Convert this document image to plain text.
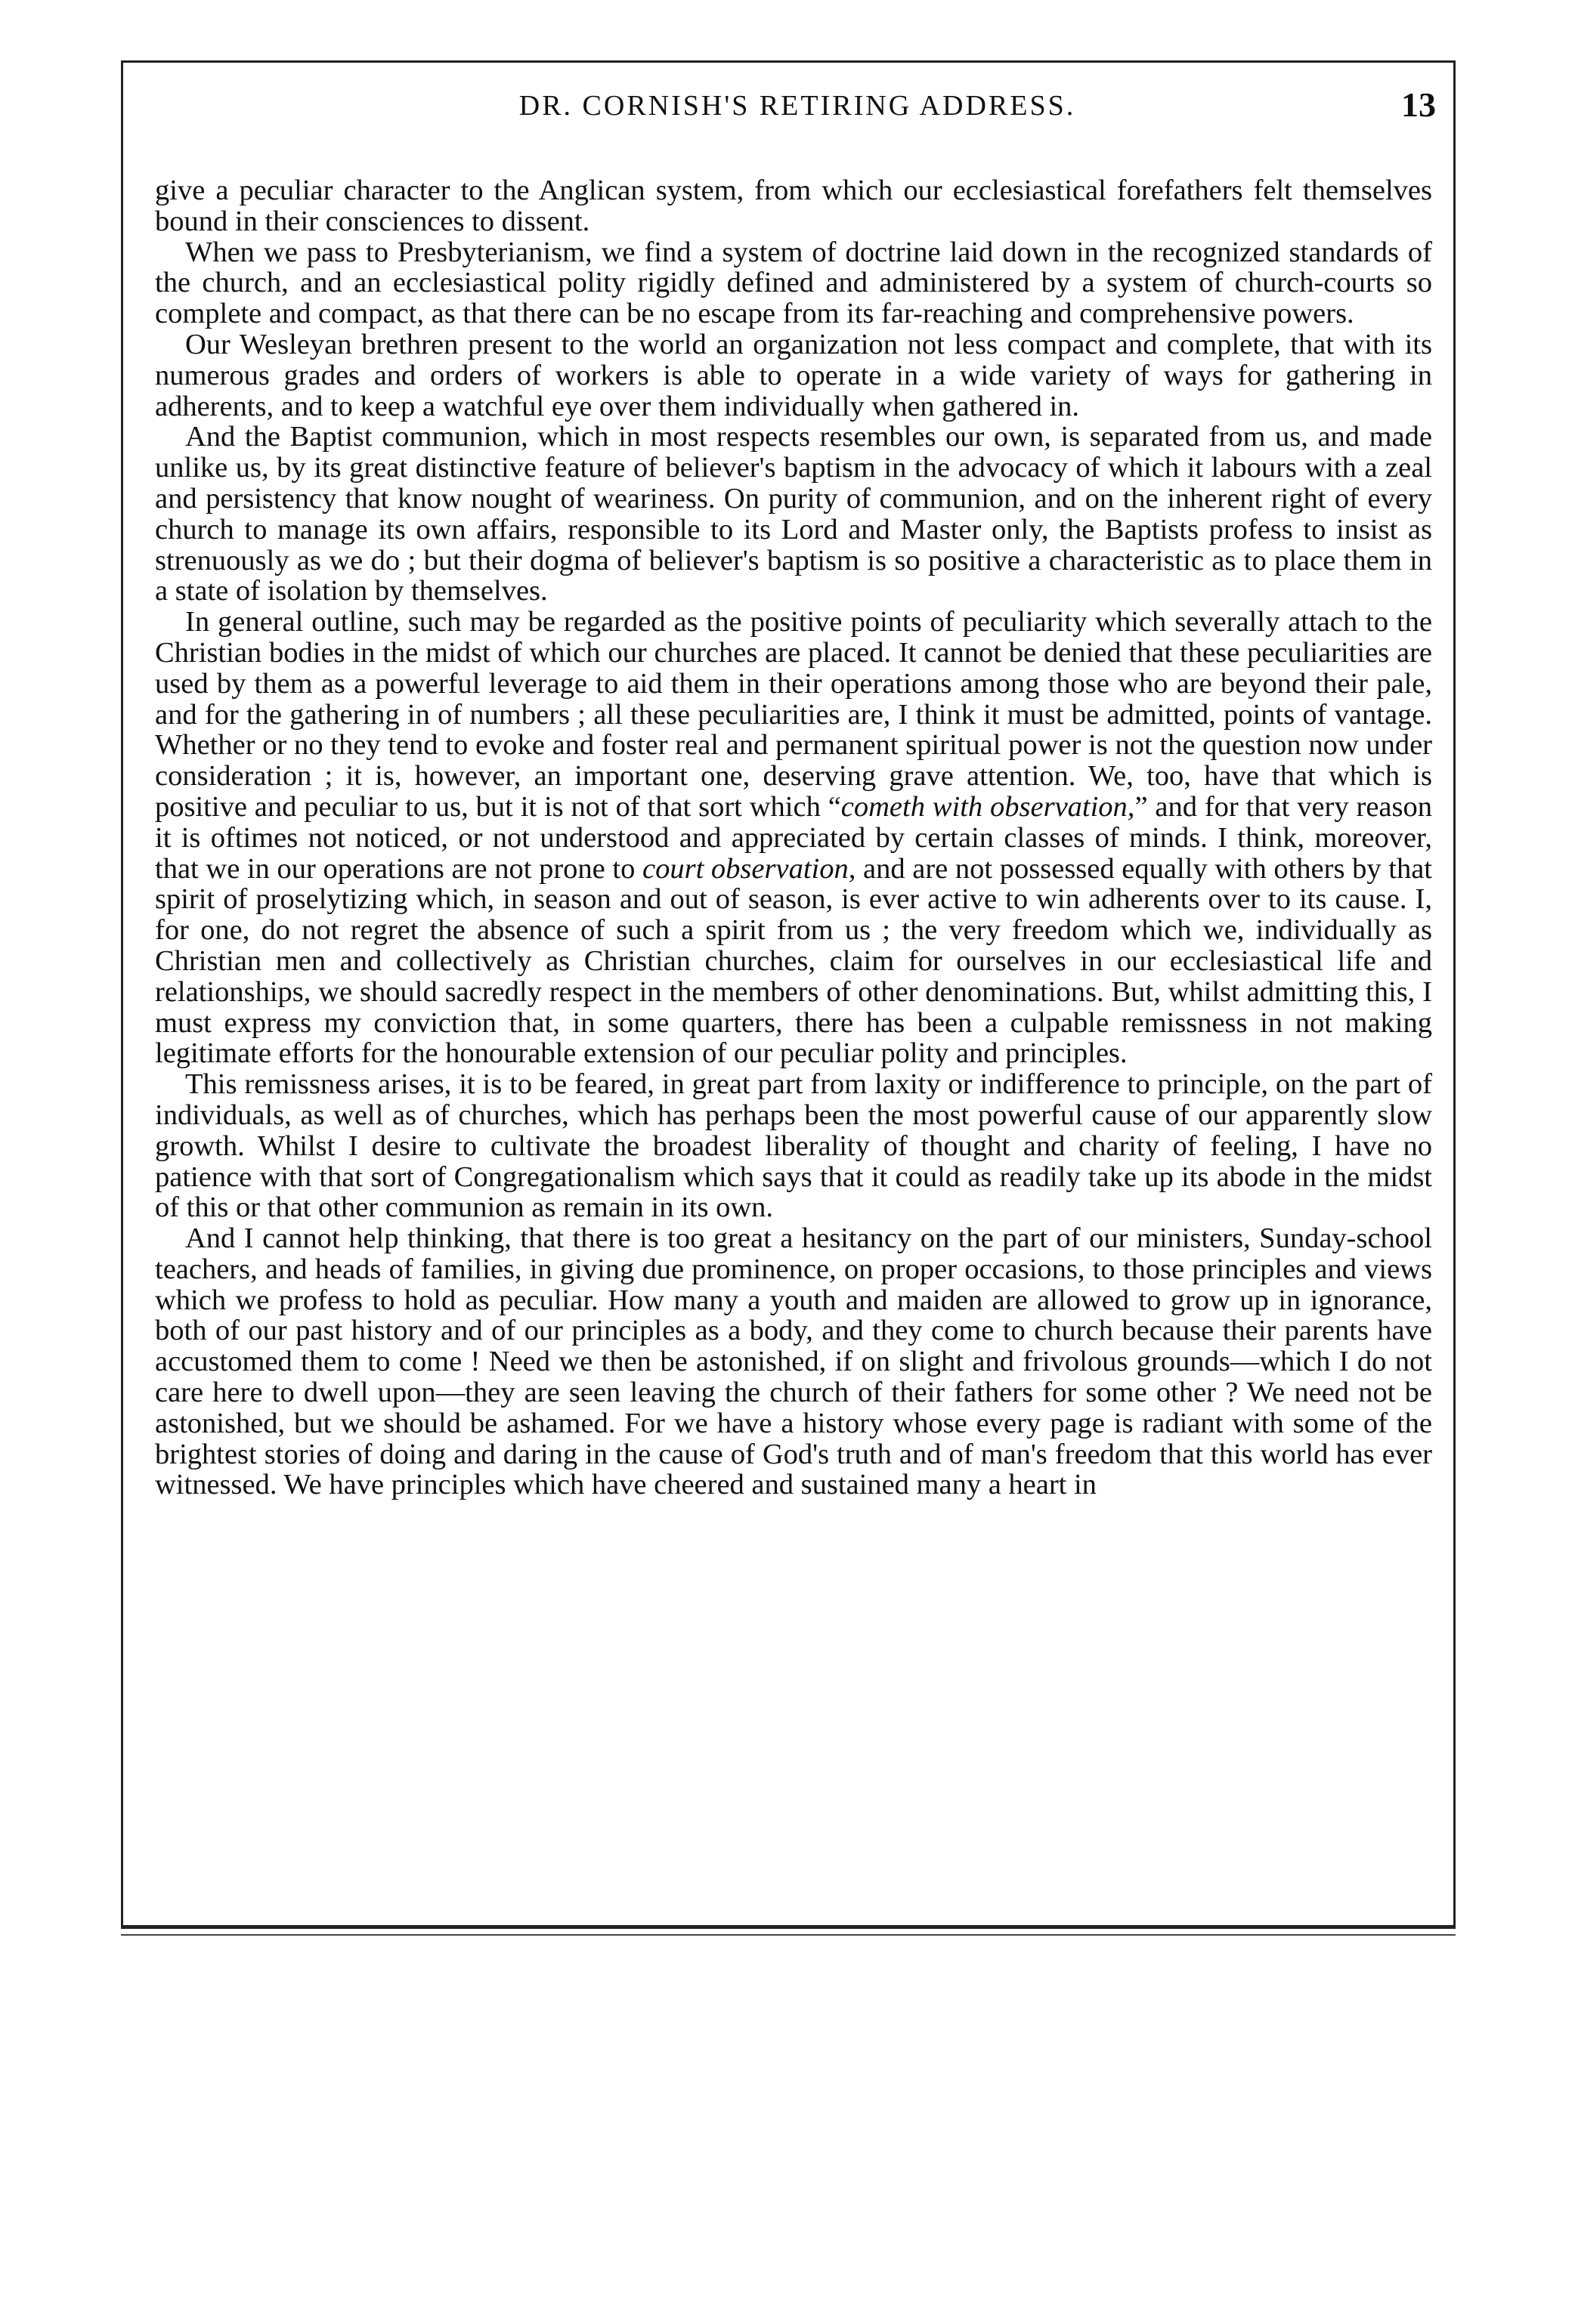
DR. CORNISH'S RETIRING ADDRESS.	13

give a peculiar character to the Anglican system, from which our ecclesiastical forefathers felt themselves bound in their consciences to dissent.

When we pass to Presbyterianism, we find a system of doctrine laid down in the recognized standards of the church, and an ecclesiastical polity rigidly defined and administered by a system of church-courts so complete and compact, as that there can be no escape from its far-reaching and comprehensive powers.

Our Wesleyan brethren present to the world an organization not less compact and complete, that with its numerous grades and orders of workers is able to operate in a wide variety of ways for gathering in adherents, and to keep a watchful eye over them individually when gathered in.

And the Baptist communion, which in most respects resembles our own, is separated from us, and made unlike us, by its great distinctive feature of believer's baptism in the advocacy of which it labours with a zeal and persistency that know nought of weariness. On purity of communion, and on the inherent right of every church to manage its own affairs, responsible to its Lord and Master only, the Baptists profess to insist as strenuously as we do ; but their dogma of believer's baptism is so positive a characteristic as to place them in a state of isolation by themselves.

In general outline, such may be regarded as the positive points of peculiarity which severally attach to the Christian bodies in the midst of which our churches are placed. It cannot be denied that these peculiarities are used by them as a powerful leverage to aid them in their operations among those who are beyond their pale, and for the gathering in of numbers ; all these peculiarities are, I think it must be admitted, points of vantage. Whether or no they tend to evoke and foster real and permanent spiritual power is not the question now under consideration ; it is, however, an important one, deserving grave attention. We, too, have that which is positive and peculiar to us, but it is not of that sort which “cometh with observation,” and for that very reason it is oftimes not noticed, or not understood and appreciated by certain classes of minds. I think, moreover, that we in our operations are not prone to court observation, and are not possessed equally with others by that spirit of proselytizing which, in season and out of season, is ever active to win adherents over to its cause. I, for one, do not regret the absence of such a spirit from us ; the very freedom which we, individually as Christian men and collectively as Christian churches, claim for ourselves in our ecclesiastical life and relationships, we should sacredly respect in the members of other denominations. But, whilst admitting this, I must express my conviction that, in some quarters, there has been a culpable remissness in not making legitimate efforts for the honourable extension of our peculiar polity and principles.

This remissness arises, it is to be feared, in great part from laxity or indifference to principle, on the part of individuals, as well as of churches, which has perhaps been the most powerful cause of our apparently slow growth. Whilst I desire to cultivate the broadest liberality of thought and charity of feeling, I have no patience with that sort of Congregationalism which says that it could as readily take up its abode in the midst of this or that other communion as remain in its own.

And I cannot help thinking, that there is too great a hesitancy on the part of our ministers, Sunday-school teachers, and heads of families, in giving due prominence, on proper occasions, to those principles and views which we profess to hold as peculiar. How many a youth and maiden are allowed to grow up in ignorance, both of our past history and of our principles as a body, and they come to church because their parents have accustomed them to come ! Need we then be astonished, if on slight and frivolous grounds—which I do not care here to dwell upon—they are seen leaving the church of their fathers for some other ? We need not be astonished, but we should be ashamed. For we have a history whose every page is radiant with some of the brightest stories of doing and daring in the cause of God's truth and of man's freedom that this world has ever witnessed. We have principles which have cheered and sustained many a heart in
